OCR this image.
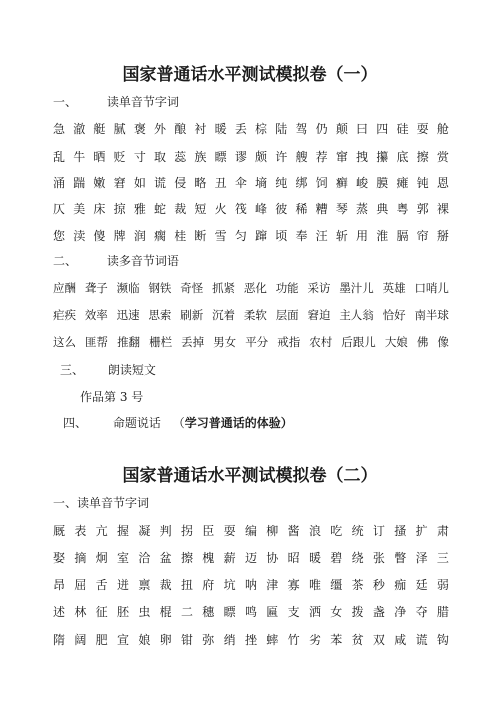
国家普通话水平测试模拟卷（一）
一、 读单音节字词
急 澈 艇 腻 褒 外 酿 衬 暖 丢 棕 陆 驾 仍 颠 曰 四 硅 耍 舱
乱 牛 晒 贬 寸 取 蕊 族 瞟 谬 颇 许 艘 荐 窜 拽 攥 底 擦 赏
涌 踹 嫩 窘 如 谎 侵 略 丑 伞 墒 纯 绑 饲 癣 峻 膜 瘫 钝 恩
仄 美 床 掠 雅 蛇 裁 短 火 筏 峰 彼 稀 糟 琴 蒸 典 粤 郭 裸
您 渎 傻 牌 润 瘸 桂 断 雪 匀 蹿 顷 奉 汪 斩 用 淮 膈 帘 掰
二、 读多音节词语
应酬 聋子 濒临 钢铁 奇怪 抓紧 恶化 功能 采访 墨汁儿 英雄 口哨儿
疟疾 效率 迅速 思索 刷新 沉着 柔软 层面 窘迫 主人翁 恰好 南半球
这么 匪帮 推翻 栅栏 丢掉 男女 平分 戒指 农村 后跟儿 大娘 佛 像
三、 朗读短文
作品第 3 号
四、 命题说话 （学习普通话的体验）
国家普通话水平测试模拟卷（二）
一、读单音节字词
厩 表 亢 握 凝 判 拐 臣 耍 编 柳 酱 浪 吃 统 订 搔 扩 肃
娶 摘 炯 室 洽 盆 擦 槐 薪 迈 协 昭 暖 碧 绕 张 瞥 泽 三
昂 屈 舌 迸 禀 裁 扭 府 坑 呐 津 寡 唯 缰 茶 秒 痂 廷 弱
述 林 征 胚 虫 棍 二 穗 瞟 鸣 匾 支 洒 女 拨 盏 净 夺 腊
隋 阔 肥 宣 娘 卵 钳 弥 绡 挫 蟀 竹 劣 苯 贫 双 咸 谎 钩
